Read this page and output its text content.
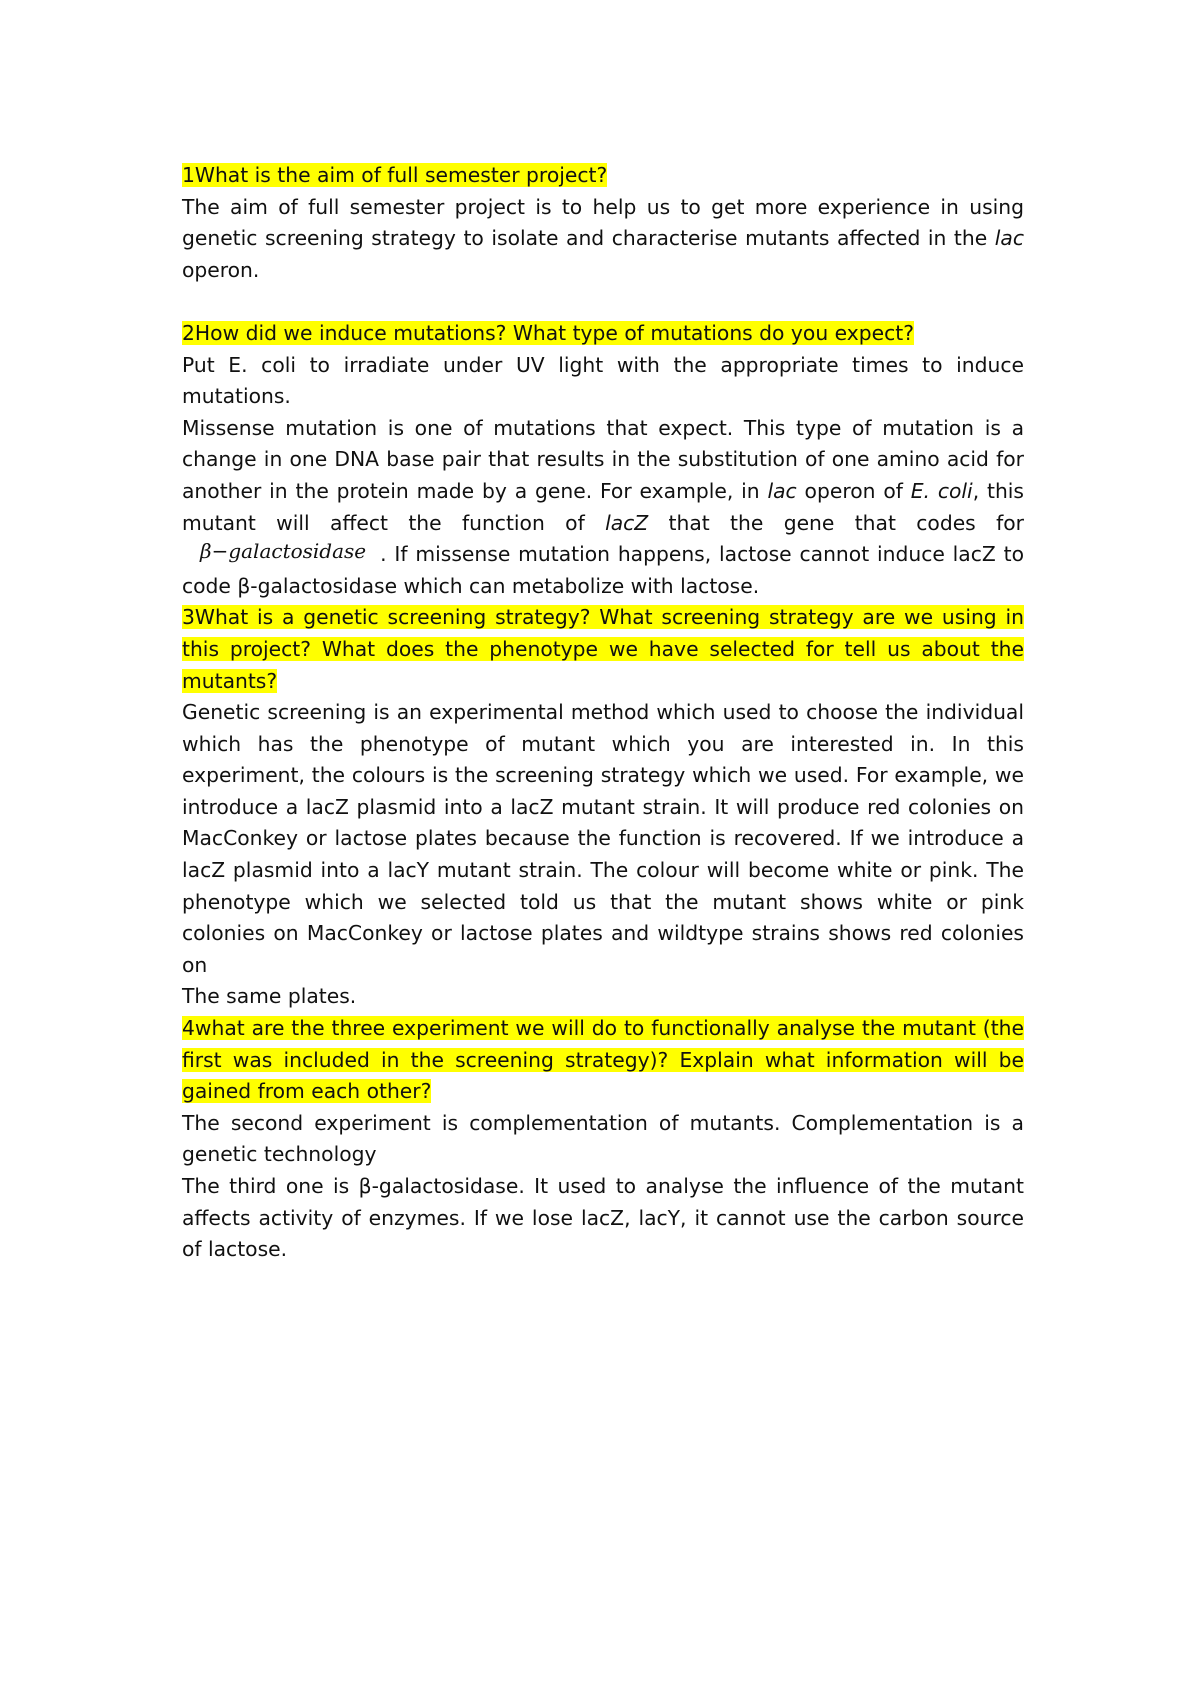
1What is the aim of full semester project?

The aim of full semester project is to help us to get more experience in using genetic screening strategy to isolate and characterise mutants affected in the lac operon.

2How did we induce mutations? What type of mutations do you expect?

Put E. coli to irradiate under UV light with the appropriate times to induce mutations.

Missense mutation is one of mutations that expect. This type of mutation is a change in one DNA base pair that results in the substitution of one amino acid for another in the protein made by a gene. For example, in lac operon of E. coli, this mutant will affect the function of lacZ that the gene that codes for β−galactosidase . If missense mutation happens, lactose cannot induce lacZ to code β-galactosidase which can metabolize with lactose.

3What is a genetic screening strategy? What screening strategy are we using in this project? What does the phenotype we have selected for tell us about the mutants?

Genetic screening is an experimental method which used to choose the individual which has the phenotype of mutant which you are interested in. In this experiment, the colours is the screening strategy which we used. For example, we introduce a lacZ plasmid into a lacZ mutant strain. It will produce red colonies on MacConkey or lactose plates because the function is recovered. If we introduce a lacZ plasmid into a lacY mutant strain. The colour will become white or pink. The phenotype which we selected told us that the mutant shows white or pink colonies on MacConkey or lactose plates and wildtype strains shows red colonies on

The same plates.

4what are the three experiment we will do to functionally analyse the mutant (the first was included in the screening strategy)? Explain what information will be gained from each other?

The second experiment is complementation of mutants. Complementation is a genetic technology

The third one is β-galactosidase. It used to analyse the influence of the mutant affects activity of enzymes. If we lose lacZ, lacY, it cannot use the carbon source of lactose.
